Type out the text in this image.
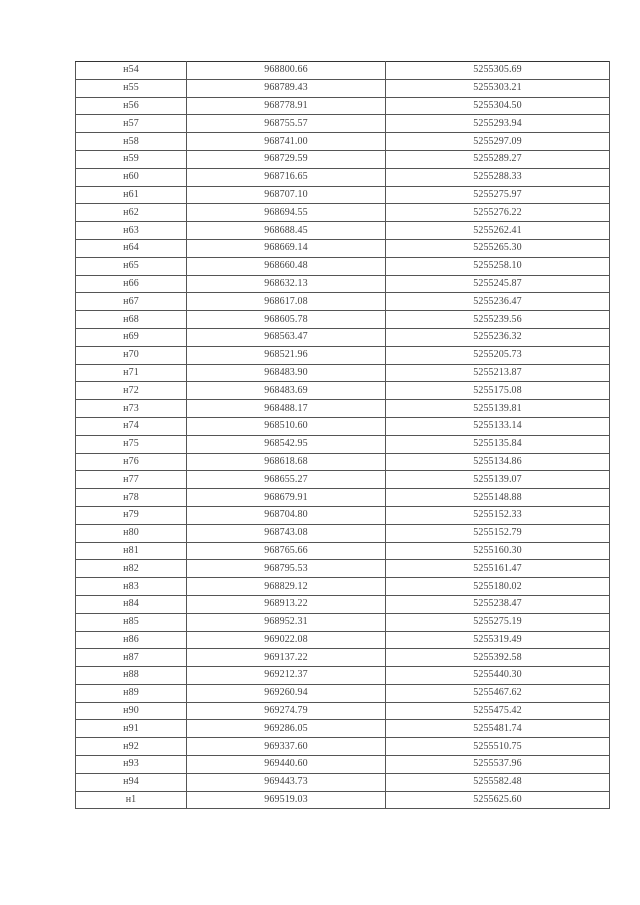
н54	968800.66	5255305.69
н55	968789.43	5255303.21
н56	968778.91	5255304.50
н57	968755.57	5255293.94
н58	968741.00	5255297.09
н59	968729.59	5255289.27
н60	968716.65	5255288.33
н61	968707.10	5255275.97
н62	968694.55	5255276.22
н63	968688.45	5255262.41
н64	968669.14	5255265.30
н65	968660.48	5255258.10
н66	968632.13	5255245.87
н67	968617.08	5255236.47
н68	968605.78	5255239.56
н69	968563.47	5255236.32
н70	968521.96	5255205.73
н71	968483.90	5255213.87
н72	968483.69	5255175.08
н73	968488.17	5255139.81
н74	968510.60	5255133.14
н75	968542.95	5255135.84
н76	968618.68	5255134.86
н77	968655.27	5255139.07
н78	968679.91	5255148.88
н79	968704.80	5255152.33
н80	968743.08	5255152.79
н81	968765.66	5255160.30
н82	968795.53	5255161.47
н83	968829.12	5255180.02
н84	968913.22	5255238.47
н85	968952.31	5255275.19
н86	969022.08	5255319.49
н87	969137.22	5255392.58
н88	969212.37	5255440.30
н89	969260.94	5255467.62
н90	969274.79	5255475.42
н91	969286.05	5255481.74
н92	969337.60	5255510.75
н93	969440.60	5255537.96
н94	969443.73	5255582.48
н1	969519.03	5255625.60
